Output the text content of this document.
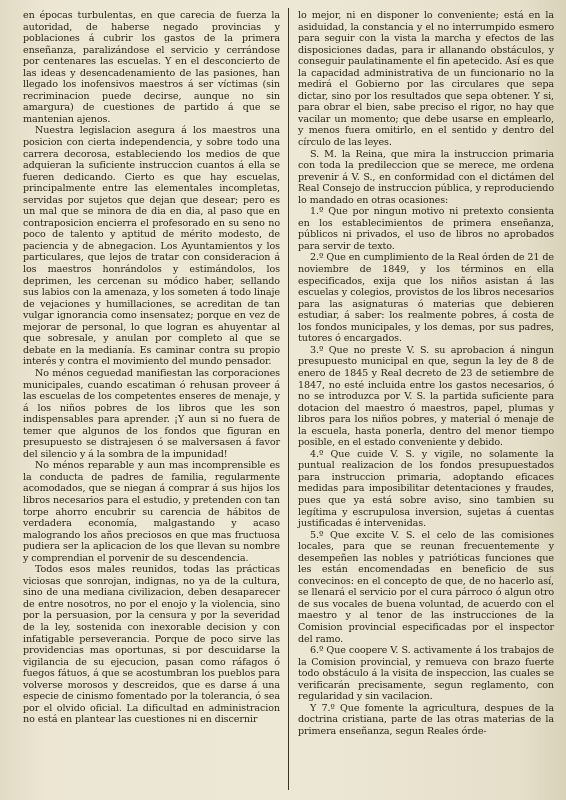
en épocas turbulentas, en que carecia de fuerza la autoridad, de haberse negado provincias y poblaciones á cubrir los gastos de la primera enseñanza, paralizándose el servicio y cerrándose por centenares las escuelas. Y en el desconcierto de las ideas y desencadenamiento de las pasiones, han llegado los inofensivos maestros á ser víctimas (sin recriminacion puede decirse, aunque no sin amargura) de cuestiones de partido á que se mantenian ajenos.

Nuestra legislacion asegura á los maestros una posicion con cierta independencia, y sobre todo una carrera decorosa, estableciendo los medios de que adquieran la suficiente instruccion cuantos á ella se fueren dedicando. Cierto es que hay escuelas, principalmente entre las elementales incompletas, servidas por sujetos que dejan que desear; pero es un mal que se minora de dia en dia, al paso que en contraposicion encierra el profesorado en su seno no poco de talento y aptitud de mérito modesto, de paciencia y de abnegacion. Los Ayuntamientos y los particulares, que lejos de tratar con consideracion á los maestros honrándolos y estimándolos, los deprimen, les cercenan su módico haber, sellando sus labios con la amenaza, y los someten á todo linaje de vejaciones y humillaciones, se acreditan de tan vulgar ignorancia como insensatez; porque en vez de mejorar de personal, lo que logran es ahuyentar al que sobresale, y anulan por completo al que se debate en la medianía. Es caminar contra su propio interés y contra el movimiento del mundo pensador.

No ménos ceguedad manifiestan las corporaciones municipales, cuando escatiman ó rehusan proveer á las escuelas de los competentes enseres de menaje, y á los niños pobres de los libros que les son indispensables para aprender. ¡Y aun si no fuera de temer que algunos de los fondos que figuran en presupuesto se distrajesen ó se malversasen á favor del silencio y á la sombra de la impunidad!

No ménos reparable y aun mas incomprensible es la conducta de padres de familia, regularmente acomodados, que se niegan á comprar á sus hijos los libros necesarios para el estudio, y pretenden con tan torpe ahorro encubrir su carencia de hábitos de verdadera economía, malgastando y acaso malogrando los años preciosos en que mas fructuosa pudiera ser la aplicacion de los que llevan su nombre y comprendian el porvenir de su descendencia.

Todos esos males reunidos, todas las prácticas viciosas que sonrojan, indignas, no ya de la cultura, sino de una mediana civilizacion, deben desaparecer de entre nosotros, no por el enojo y la violencia, sino por la persuasion, por la censura y por la severidad de la ley, sostenida con inexorable decision y con infatigable perseverancia. Porque de poco sirve las providencias mas oportunas, si por descuidarse la vigilancia de su ejecucion, pasan como ráfagos ó fuegos fátuos, á que se acostumbran los pueblos para volverse morosos y descreidos, que es darse á una especie de cinismo fomentado por la tolerancia, ó sea por el olvido oficial. La dificultad en administracion no está en plantear las cuestiones ni en discernir

lo mejor, ni en disponer lo conveniente; está en la asiduidad, la constancia y el no interrumpido esmero para seguir con la vista la marcha y efectos de las disposiciones dadas, para ir allanando obstáculos, y conseguir paulatinamente el fin apetecido. Así es que la capacidad administrativa de un funcionario no la medirá el Gobierno por las circulares que sepa dictar, sino por los resultados que sepa obtener. Y si, para obrar el bien, sabe preciso el rigor, no hay que vacilar un momento; que debe usarse en emplearlo, y menos fuera omitirlo, en el sentido y dentro del círculo de las leyes.

S. M. la Reina, que mira la instruccion primaria con toda la predileccion que se merece, me ordena prevenir á V. S., en conformidad con el dictámen del Real Consejo de instruccion pública, y reproduciendo lo mandado en otras ocasiones:

1.º Que por ningun motivo ni pretexto consienta en los establecimientos de primera enseñanza, públicos ni privados, el uso de libros no aprobados para servir de texto.

2.º Que en cumplimiento de la Real órden de 21 de noviembre de 1849, y los términos en ella especificados, exija que los niños asistan á las escuelas y colegios, provistos de los libros necesarios para las asignaturas ó materias que debieren estudiar, á saber: los realmente pobres, á costa de los fondos municipales, y los demas, por sus padres, tutores ó encargados.

3.º Que no preste V. S. su aprobacion á ningun presupuesto municipal en que, segun la ley de 8 de enero de 1845 y Real decreto de 23 de setiembre de 1847, no esté incluida entre los gastos necesarios, ó no se introduzca por V. S. la partida suficiente para dotacion del maestro ó maestros, papel, plumas y libros para los niños pobres, y material ó menaje de la escuela, hasta ponerla, dentro del menor tiempo posible, en el estado conveniente y debido.

4.º Que cuide V. S. y vigile, no solamente la puntual realizacion de los fondos presupuestados para instruccion primaria, adoptando eficaces medidas para imposibilitar detentaciones y fraudes, pues que ya está sobre aviso, sino tambien su legítima y escrupulosa inversion, sujetas á cuentas justificadas é intervenidas.

5.º Que excite V. S. el celo de las comisiones locales, para que se reunan frecuentemente y desempeñen las nobles y patrióticas funciones que les están encomendadas en beneficio de sus convecinos: en el concepto de que, de no hacerlo así, se llenará el servicio por el cura párroco ó algun otro de sus vocales de buena voluntad, de acuerdo con el maestro y al tenor de las instrucciones de la Comision provincial especificadas por el inspector del ramo.

6.º Que coopere V. S. activamente á los trabajos de la Comision provincial, y remueva con brazo fuerte todo obstáculo á la visita de inspeccion, las cuales se verificarán precisamente, segun reglamento, con regularidad y sin vacilacion.

Y 7.º Que fomente la agricultura, despues de la doctrina cristiana, parte de las otras materias de la primera enseñanza, segun Reales órde-
